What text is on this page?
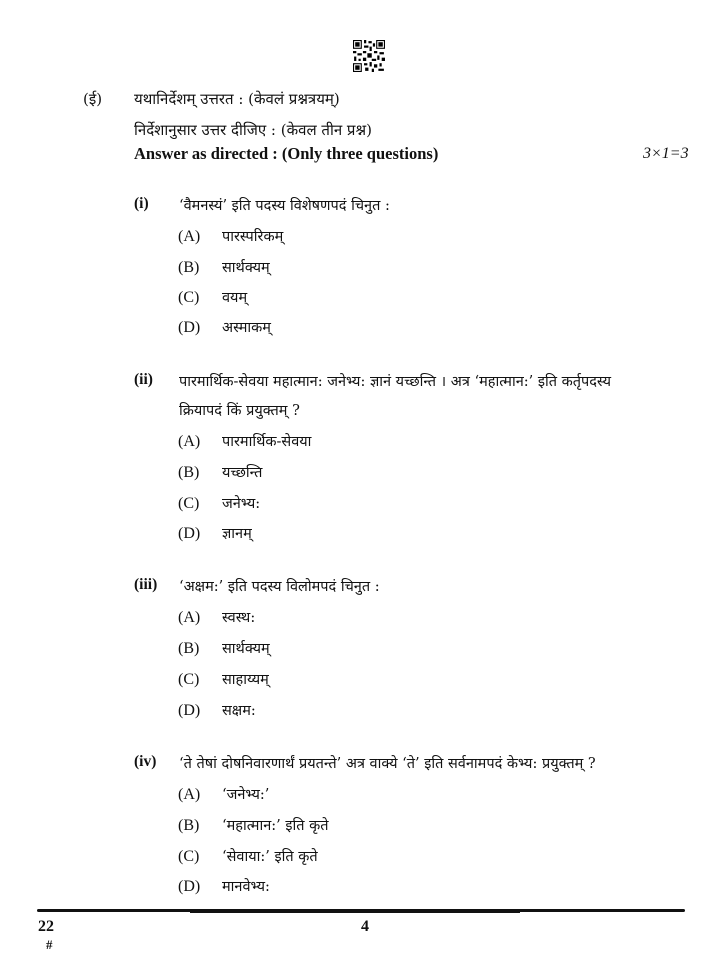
(ई) यथानिर्देशम् उत्तरत : (केवलं प्रश्नत्रयम्)
निर्देशानुसार उत्तर दीजिए : (केवल तीन प्रश्न)
Answer as directed : (Only three questions)	3×1=3
(i) ‘वैमनस्यं’ इति पदस्य विशेषणपदं चिनुत :
(A) पारस्परिकम्
(B) सार्थक्यम्
(C) वयम्
(D) अस्माकम्
(ii) पारमार्थिक-सेवया महात्मान: जनेभ्य: ज्ञानं यच्छन्ति । अत्र ‘महात्मान:’ इति कर्तृपदस्य
क्रियापदं किं प्रयुक्तम् ?
(A) पारमार्थिक-सेवया
(B) यच्छन्ति
(C) जनेभ्य:
(D) ज्ञानम्
(iii) ‘अक्षम:’ इति पदस्य विलोमपदं चिनुत :
(A) स्वस्थ:
(B) सार्थक्यम्
(C) साहाय्यम्
(D) सक्षम:
(iv) ‘ते तेषां दोषनिवारणार्थं प्रयतन्ते’ अत्र वाक्ये ‘ते’ इति सर्वनामपदं केभ्य: प्रयुक्तम् ?
(A) ‘जनेभ्य:’
(B) ‘महात्मान:’ इति कृते
(C) ‘सेवाया:’ इति कृते
(D) मानवेभ्य:
22
#
4
